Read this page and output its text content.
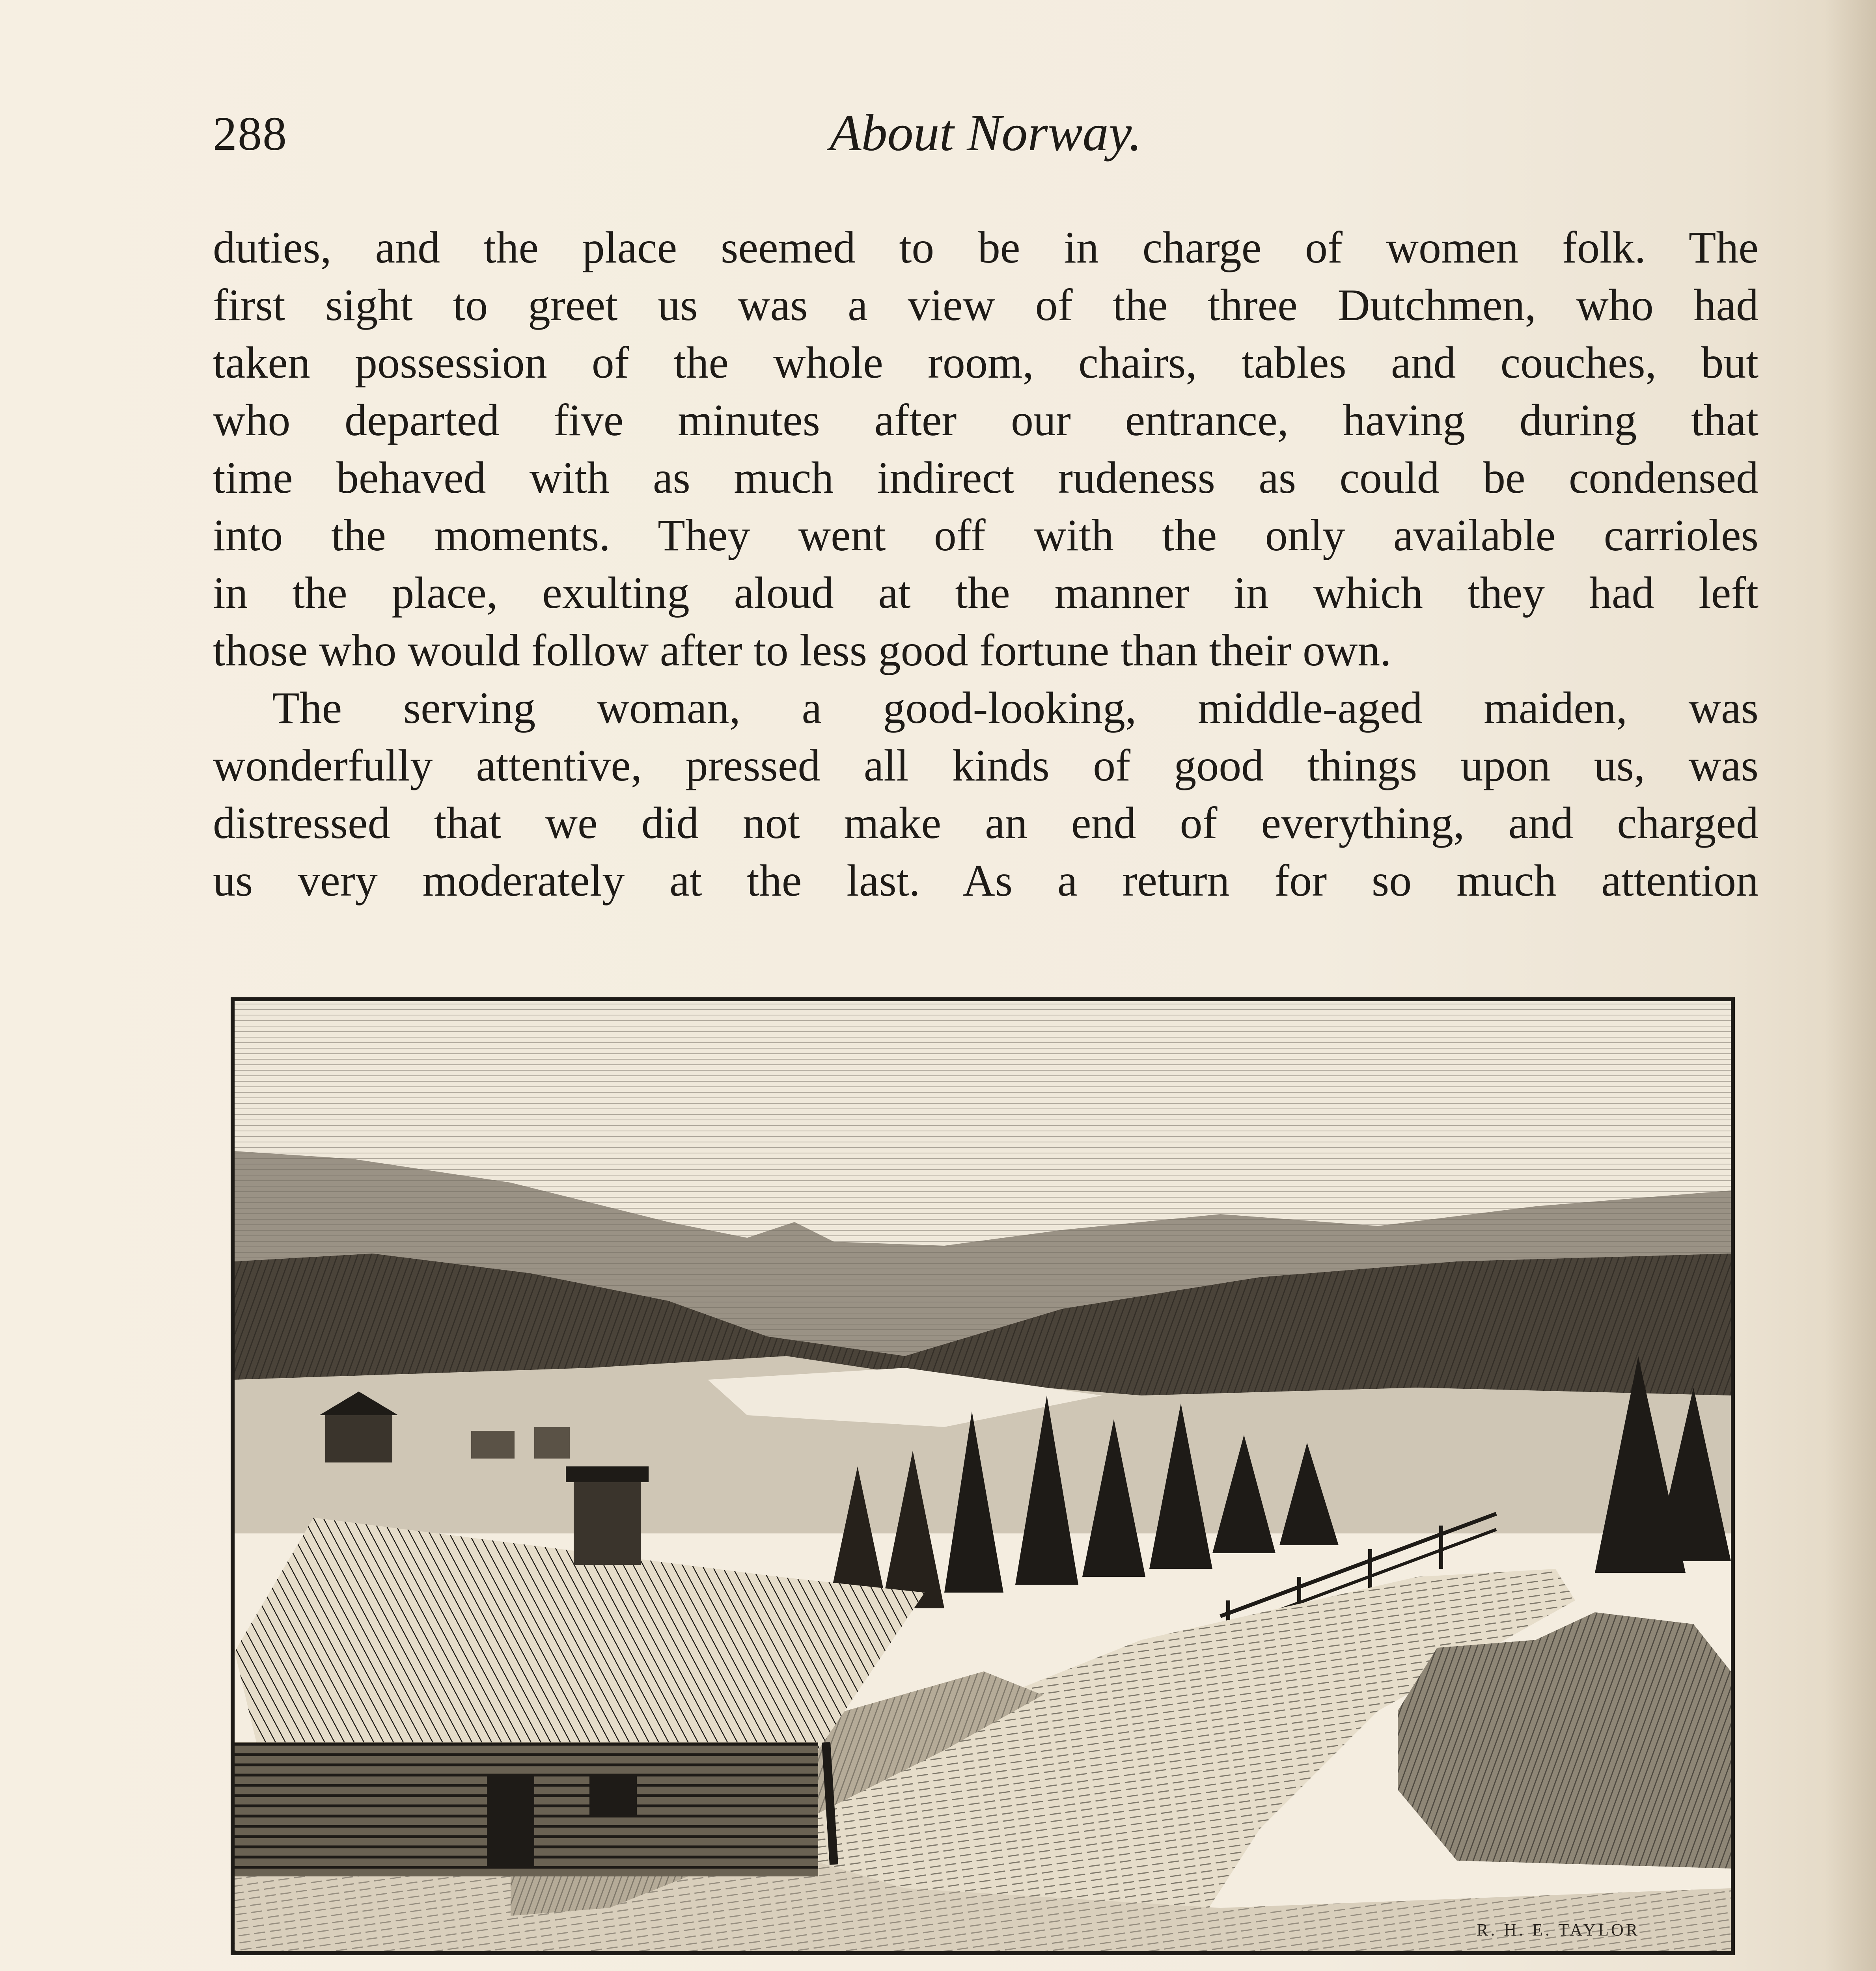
288	About Norway.
duties, and the place seemed to be in charge of women folk. The
first sight to greet us was a view of the three Dutchmen, who had
taken possession of the whole room, chairs, tables and couches, but
who departed five minutes after our entrance, having during that
time behaved with as much indirect rudeness as could be condensed
into the moments. They went off with the only available carrioles
in the place, exulting aloud at the manner in which they had left
those who would follow after to less good fortune than their own.
The serving woman, a good-looking, middle-aged maiden, was
wonderfully attentive, pressed all kinds of good things upon us, was
distressed that we did not make an end of everything, and charged
us very moderately at the last. As a return for so much attention
R. H. E. TAYLOR
